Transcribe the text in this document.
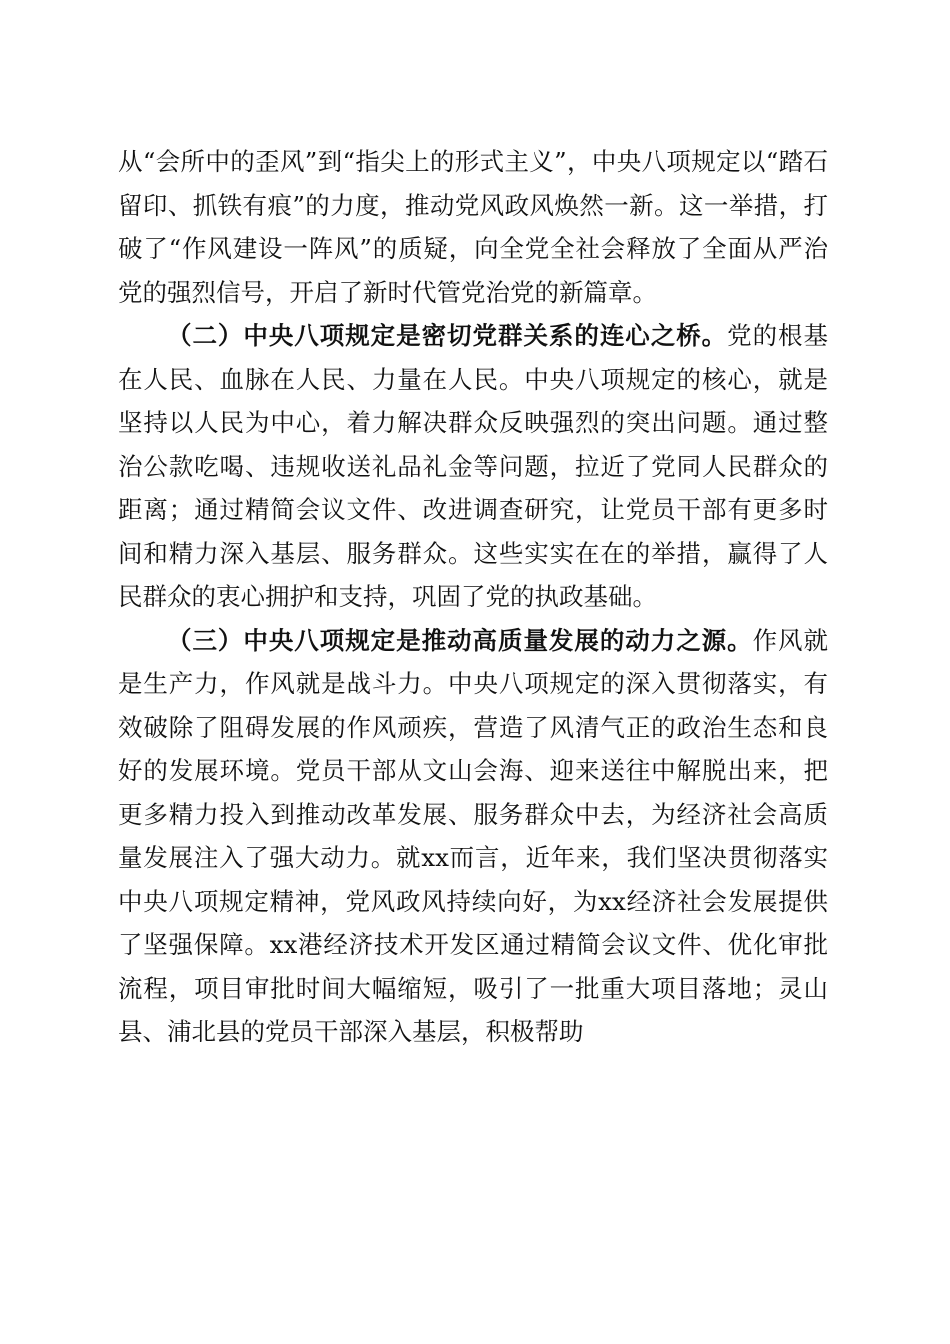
从“会所中的歪风”到“指尖上的形式主义”，中央八项规定以“踏石留印、抓铁有痕”的力度，推动党风政风焕然一新。这一举措，打破了“作风建设一阵风”的质疑，向全党全社会释放了全面从严治党的强烈信号，开启了新时代管党治党的新篇章。

（二）中央八项规定是密切党群关系的连心之桥。党的根基在人民、血脉在人民、力量在人民。中央八项规定的核心，就是坚持以人民为中心，着力解决群众反映强烈的突出问题。通过整治公款吃喝、违规收送礼品礼金等问题，拉近了党同人民群众的距离；通过精简会议文件、改进调查研究，让党员干部有更多时间和精力深入基层、服务群众。这些实实在在的举措，赢得了人民群众的衷心拥护和支持，巩固了党的执政基础。

（三）中央八项规定是推动高质量发展的动力之源。作风就是生产力，作风就是战斗力。中央八项规定的深入贯彻落实，有效破除了阻碍发展的作风顽疾，营造了风清气正的政治生态和良好的发展环境。党员干部从文山会海、迎来送往中解脱出来，把更多精力投入到推动改革发展、服务群众中去，为经济社会高质量发展注入了强大动力。就xx而言，近年来，我们坚决贯彻落实中央八项规定精神，党风政风持续向好，为xx经济社会发展提供了坚强保障。xx港经济技术开发区通过精简会议文件、优化审批流程，项目审批时间大幅缩短，吸引了一批重大项目落地；灵山县、浦北县的党员干部深入基层，积极帮助
